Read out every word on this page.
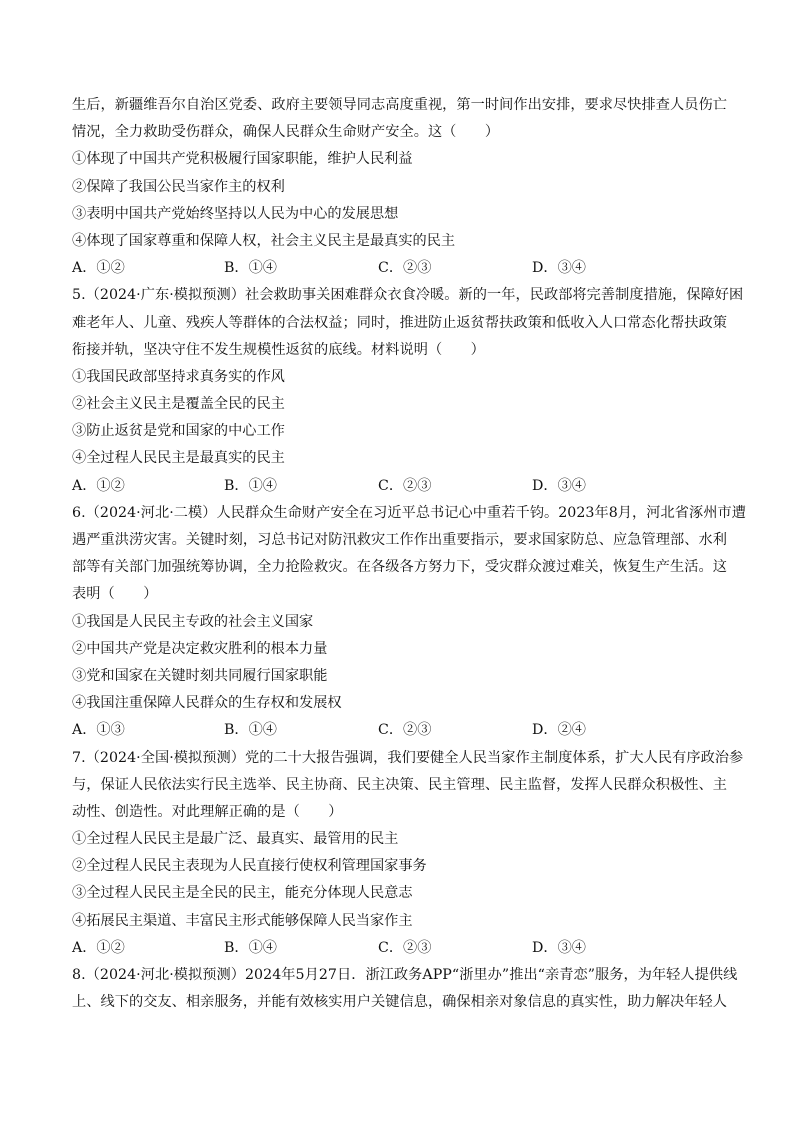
生后，新疆维吾尔自治区党委、政府主要领导同志高度重视，第一时间作出安排，要求尽快排查人员伤亡
情况，全力救助受伤群众，确保人民群众生命财产安全。这（　　）
①体现了中国共产党积极履行国家职能，维护人民利益
②保障了我国公民当家作主的权利
③表明中国共产党始终坚持以人民为中心的发展思想
④体现了国家尊重和保障人权，社会主义民主是最真实的民主
A．①②	B．①④	C．②③	D．③④
5.（2024·广东·模拟预测）社会救助事关困难群众衣食冷暖。新的一年，民政部将完善制度措施，保障好困
难老年人、儿童、残疾人等群体的合法权益；同时，推进防止返贫帮扶政策和低收入人口常态化帮扶政策
衔接并轨，坚决守住不发生规模性返贫的底线。材料说明（　　）
①我国民政部坚持求真务实的作风
②社会主义民主是覆盖全民的民主
③防止返贫是党和国家的中心工作
④全过程人民民主是最真实的民主
A．①②	B．①④	C．②③	D．③④
6.（2024·河北·二模）人民群众生命财产安全在习近平总书记心中重若千钧。2023年8月，河北省涿州市遭
遇严重洪涝灾害。关键时刻，习总书记对防汛救灾工作作出重要指示，要求国家防总、应急管理部、水利
部等有关部门加强统筹协调，全力抢险救灾。在各级各方努力下，受灾群众渡过难关，恢复生产生活。这
表明（　　）
①我国是人民民主专政的社会主义国家
②中国共产党是决定救灾胜利的根本力量
③党和国家在关键时刻共同履行国家职能
④我国注重保障人民群众的生存权和发展权
A．①③	B．①④	C．②③	D．②④
7.（2024·全国·模拟预测）党的二十大报告强调，我们要健全人民当家作主制度体系，扩大人民有序政治参
与，保证人民依法实行民主选举、民主协商、民主决策、民主管理、民主监督，发挥人民群众积极性、主
动性、创造性。对此理解正确的是（　　）
①全过程人民民主是最广泛、最真实、最管用的民主
②全过程人民民主表现为人民直接行使权利管理国家事务
③全过程人民民主是全民的民主，能充分体现人民意志
④拓展民主渠道、丰富民主形式能够保障人民当家作主
A．①②	B．①④	C．②③	D．③④
8.（2024·河北·模拟预测）2024年5月27日．浙江政务APP“浙里办”推出“亲青恋”服务，为年轻人提供线
上、线下的交友、相亲服务，并能有效核实用户关键信息，确保相亲对象信息的真实性，助力解决年轻人
